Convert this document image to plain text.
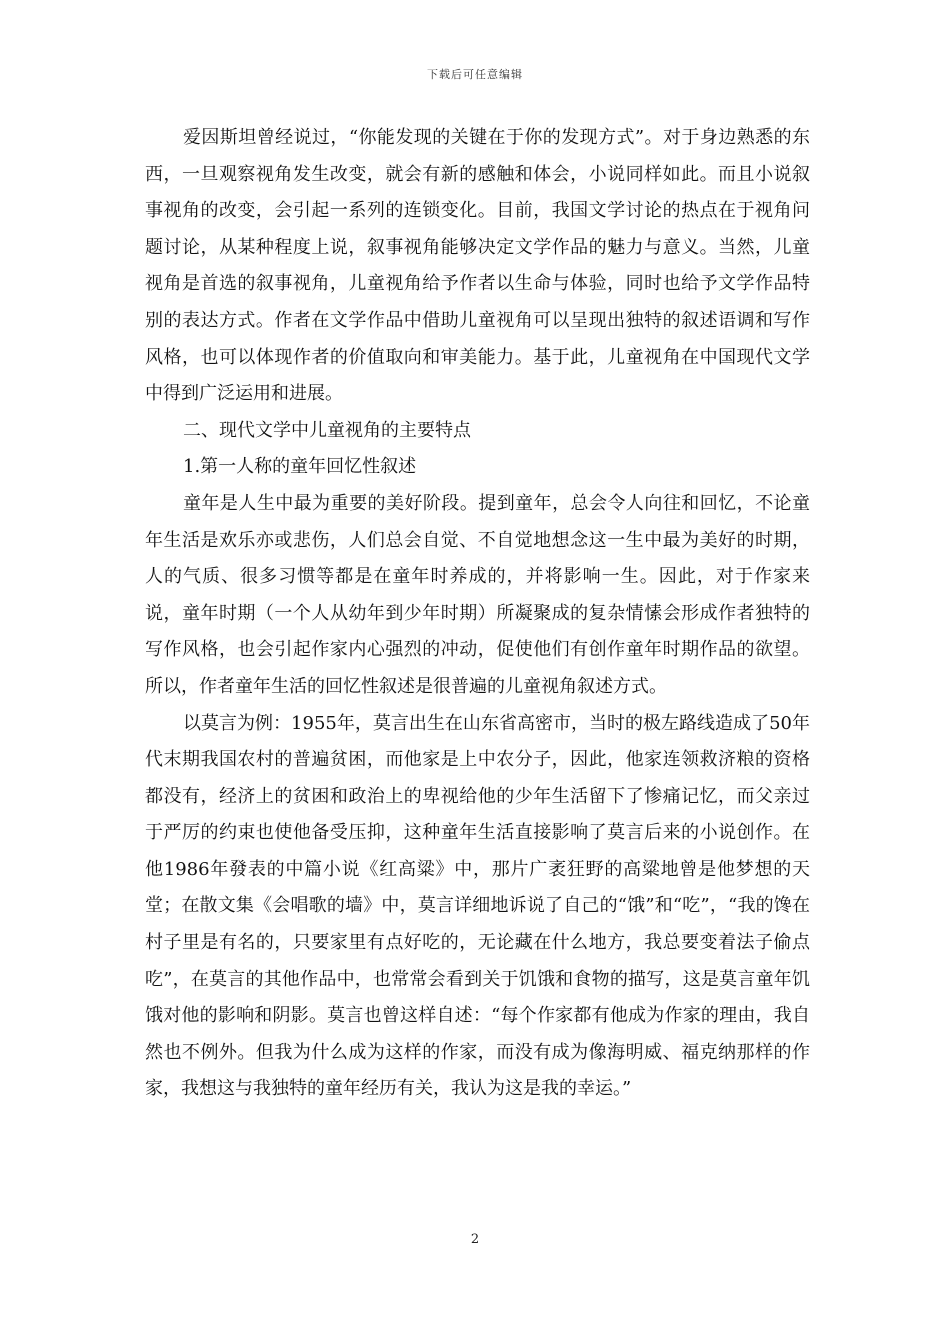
下载后可任意编辑

爱因斯坦曾经说过，“你能发现的关键在于你的发现方式”。对于身边熟悉的东西，一旦观察视角发生改变，就会有新的感触和体会，小说同样如此。而且小说叙事视角的改变，会引起一系列的连锁变化。目前，我国文学讨论的热点在于视角问题讨论，从某种程度上说，叙事视角能够决定文学作品的魅力与意义。当然，儿童视角是首选的叙事视角，儿童视角给予作者以生命与体验，同时也给予文学作品特别的表达方式。作者在文学作品中借助儿童视角可以呈现出独特的叙述语调和写作风格，也可以体现作者的价值取向和审美能力。基于此，儿童视角在中国现代文学中得到广泛运用和进展。

二、现代文学中儿童视角的主要特点

1.第一人称的童年回忆性叙述

童年是人生中最为重要的美好阶段。提到童年，总会令人向往和回忆，不论童年生活是欢乐亦或悲伤，人们总会自觉、不自觉地想念这一生中最为美好的时期，人的气质、很多习惯等都是在童年时养成的，并将影响一生。因此，对于作家来说，童年时期（一个人从幼年到少年时期）所凝聚成的复杂情愫会形成作者独特的写作风格，也会引起作家内心强烈的冲动，促使他们有创作童年时期作品的欲望。所以，作者童年生活的回忆性叙述是很普遍的儿童视角叙述方式。

以莫言为例：1955年，莫言出生在山东省高密市，当时的极左路线造成了50年代末期我国农村的普遍贫困，而他家是上中农分子，因此，他家连领救济粮的资格都没有，经济上的贫困和政治上的卑视给他的少年生活留下了惨痛记忆，而父亲过于严厉的约束也使他备受压抑，这种童年生活直接影响了莫言后来的小说创作。在他1986年發表的中篇小说《红高粱》中，那片广袤狂野的高粱地曾是他梦想的天堂；在散文集《会唱歌的墙》中，莫言详细地诉说了自己的“饿”和“吃”，“我的馋在村子里是有名的，只要家里有点好吃的，无论藏在什么地方，我总要变着法子偷点吃”，在莫言的其他作品中，也常常会看到关于饥饿和食物的描写，这是莫言童年饥饿对他的影响和阴影。莫言也曾这样自述：“每个作家都有他成为作家的理由，我自然也不例外。但我为什么成为这样的作家，而没有成为像海明威、福克纳那样的作家，我想这与我独特的童年经历有关，我认为这是我的幸运。”

2
